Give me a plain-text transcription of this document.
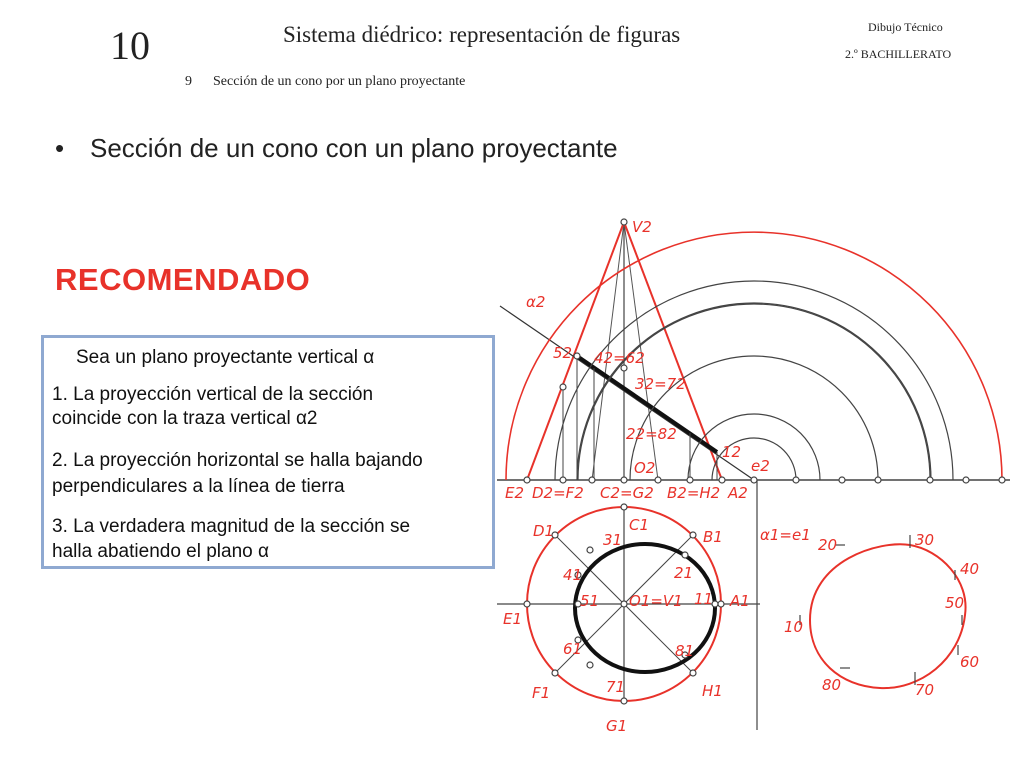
10	Sistema diédrico: representación de figuras	Dibujo Técnico
2.º BACHILLERATO
9 Sección de un cono por un plano proyectante
• Sección de un cono con un plano proyectante
RECOMENDADO
V2
α2
52 42=62
32=72
22=82
12
e2
O2
E2 D2=F2 C2=G2 B2=H2 A2
C1
D1	B1
31
41	21
51 O1=V1 11 A1
E1
61	81
71
F1	H1
G1
α1=e1
20	30
40
50
10
60
80	70
Sea un plano proyectante vertical α
1. La proyección vertical de la sección
coincide con la traza vertical α2
2. La proyección horizontal se halla bajando
perpendiculares a la línea de tierra
3. La verdadera magnitud de la sección se
halla abatiendo el plano α
